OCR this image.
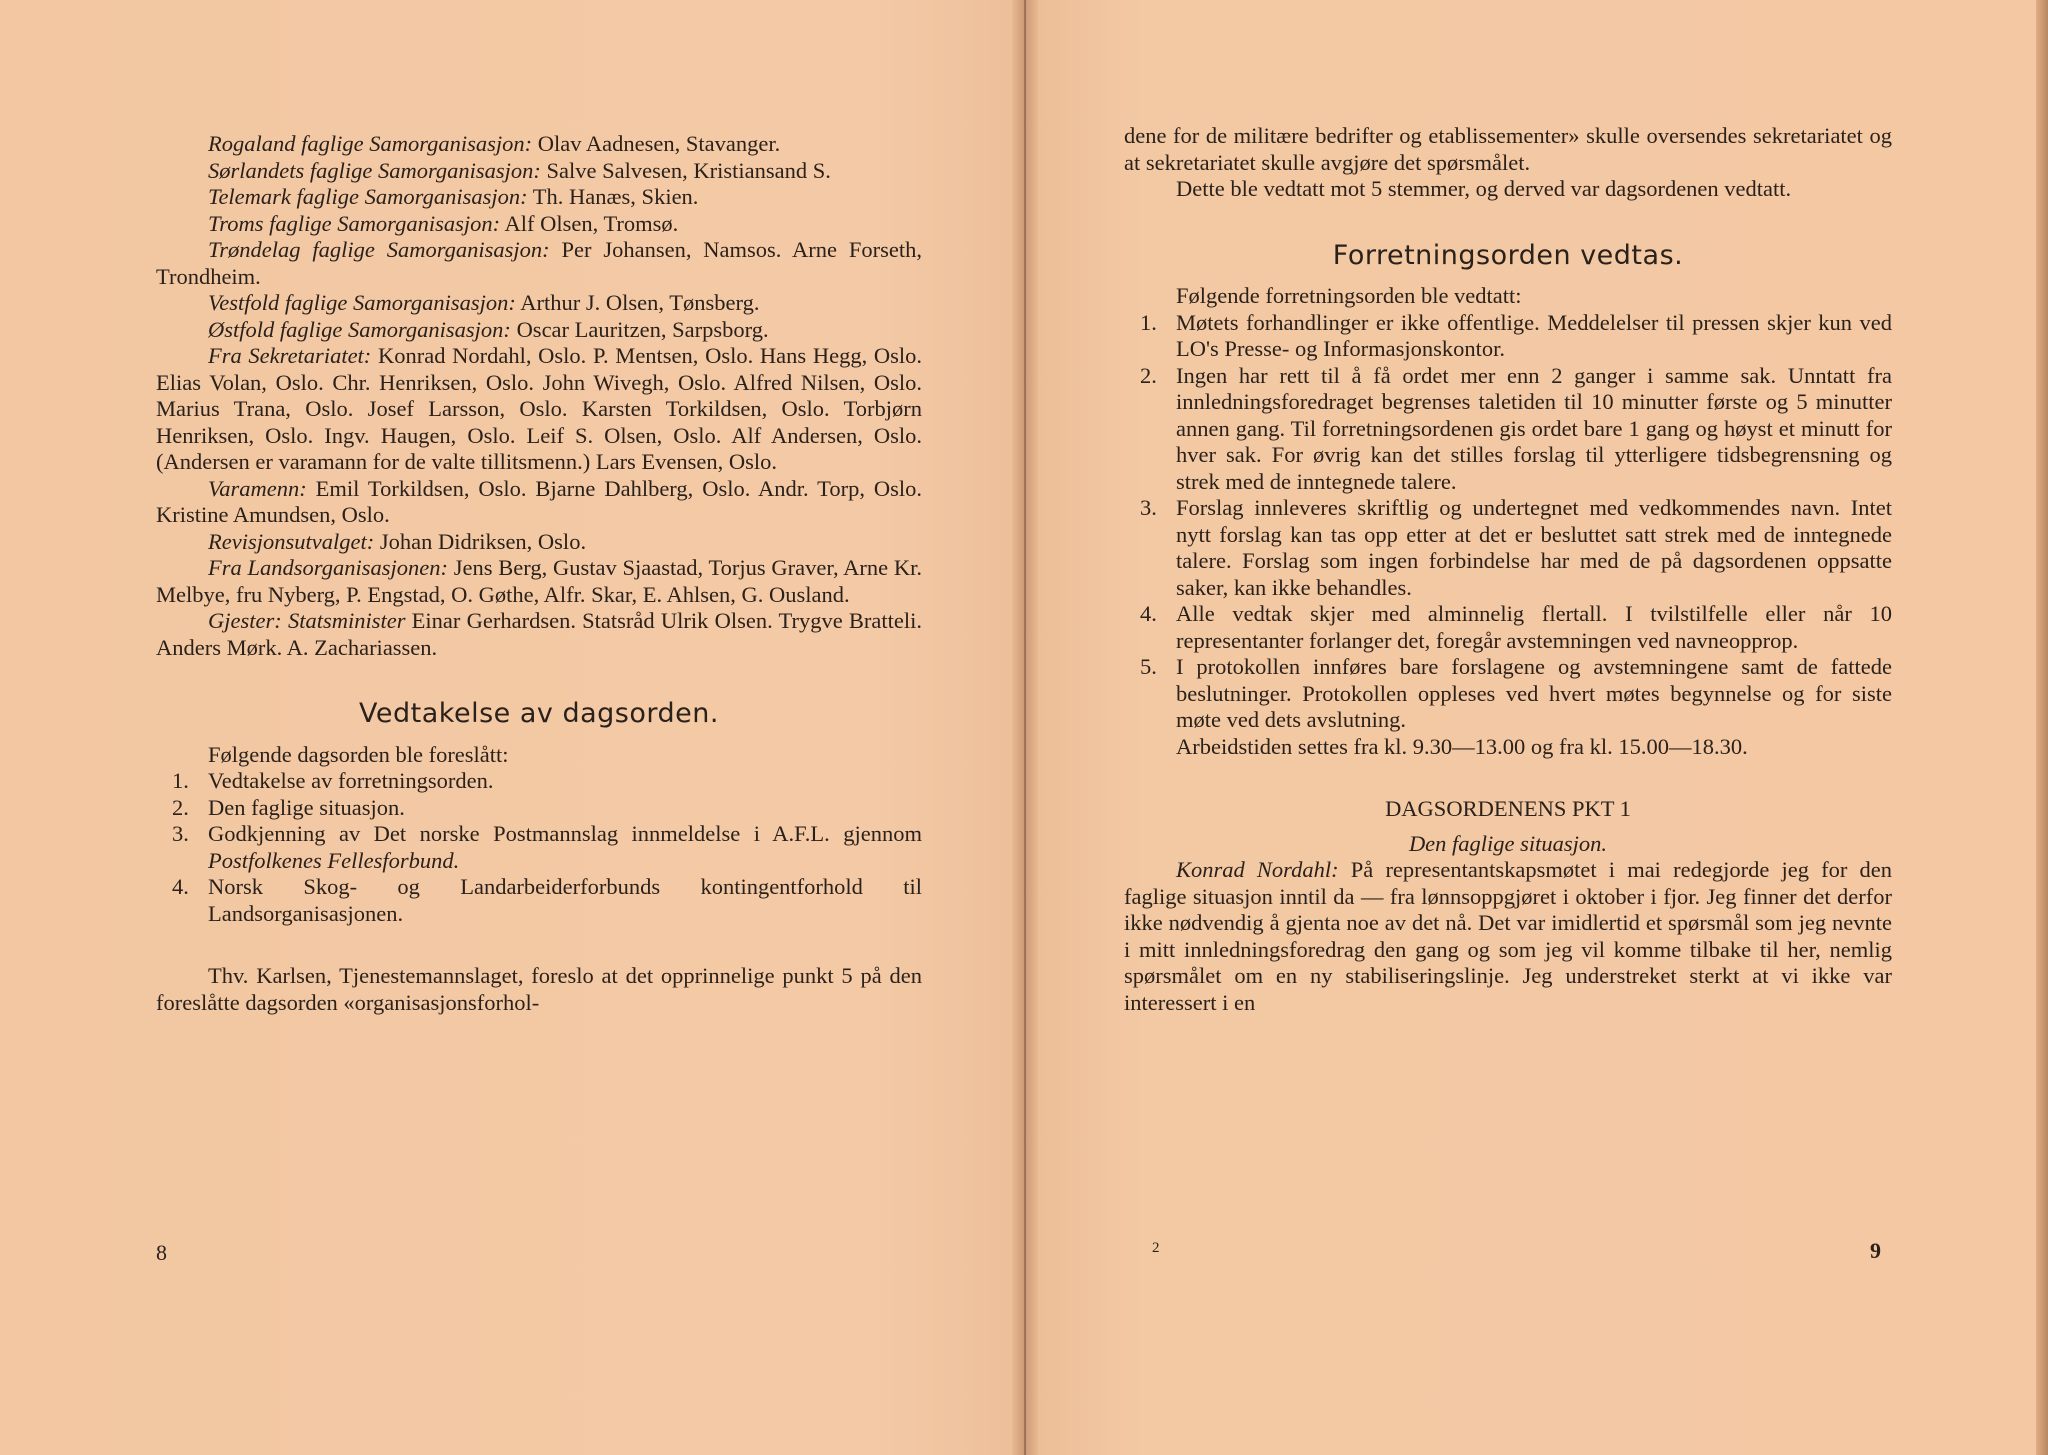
Rogaland faglige Samorganisasjon: Olav Aadnesen, Stavanger.

Sørlandets faglige Samorganisasjon: Salve Salvesen, Kristiansand S.

Telemark faglige Samorganisasjon: Th. Hanæs, Skien.

Troms faglige Samorganisasjon: Alf Olsen, Tromsø.

Trøndelag faglige Samorganisasjon: Per Johansen, Namsos. Arne Forseth, Trondheim.

Vestfold faglige Samorganisasjon: Arthur J. Olsen, Tønsberg.

Østfold faglige Samorganisasjon: Oscar Lauritzen, Sarpsborg.

Fra Sekretariatet: Konrad Nordahl, Oslo. P. Mentsen, Oslo. Hans Hegg, Oslo. Elias Volan, Oslo. Chr. Henriksen, Oslo. John Wivegh, Oslo. Alfred Nilsen, Oslo. Marius Trana, Oslo. Josef Larsson, Oslo. Karsten Torkildsen, Oslo. Torbjørn Henriksen, Oslo. Ingv. Haugen, Oslo. Leif S. Olsen, Oslo. Alf Andersen, Oslo. (Andersen er varamann for de valte tillitsmenn.) Lars Evensen, Oslo.

Varamenn: Emil Torkildsen, Oslo. Bjarne Dahlberg, Oslo. Andr. Torp, Oslo. Kristine Amundsen, Oslo.

Revisjonsutvalget: Johan Didriksen, Oslo.

Fra Landsorganisasjonen: Jens Berg, Gustav Sjaastad, Torjus Graver, Arne Kr. Melbye, fru Nyberg, P. Engstad, O. Gøthe, Alfr. Skar, E. Ahlsen, G. Ousland.

Gjester: Statsminister Einar Gerhardsen. Statsråd Ulrik Olsen. Trygve Bratteli. Anders Mørk. A. Zachariassen.

Vedtakelse av dagsorden.

Følgende dagsorden ble foreslått:

1. Vedtakelse av forretningsorden.
2. Den faglige situasjon.
3. Godkjenning av Det norske Postmannslag innmeldelse i A.F.L. gjennom Postfolkenes Fellesforbund.
4. Norsk Skog- og Landarbeiderforbunds kontingentforhold til Landsorganisasjonen.

Thv. Karlsen, Tjenestemannslaget, foreslo at det opprinnelige punkt 5 på den foreslåtte dagsorden «organisasjonsforhol-

8

dene for de militære bedrifter og etablissementer» skulle oversendes sekretariatet og at sekretariatet skulle avgjøre det spørsmålet.

Dette ble vedtatt mot 5 stemmer, og derved var dagsordenen vedtatt.

Forretningsorden vedtas.

Følgende forretningsorden ble vedtatt:

1. Møtets forhandlinger er ikke offentlige. Meddelelser til pressen skjer kun ved LO's Presse- og Informasjonskontor.
2. Ingen har rett til å få ordet mer enn 2 ganger i samme sak. Unntatt fra innledningsforedraget begrenses taletiden til 10 minutter første og 5 minutter annen gang. Til forretningsordenen gis ordet bare 1 gang og høyst et minutt for hver sak. For øvrig kan det stilles forslag til ytterligere tidsbegrensning og strek med de inntegnede talere.
3. Forslag innleveres skriftlig og undertegnet med vedkommendes navn. Intet nytt forslag kan tas opp etter at det er besluttet satt strek med de inntegnede talere. Forslag som ingen forbindelse har med de på dagsordenen oppsatte saker, kan ikke behandles.
4. Alle vedtak skjer med alminnelig flertall. I tvilstilfelle eller når 10 representanter forlanger det, foregår avstemningen ved navneopprop.
5. I protokollen innføres bare forslagene og avstemningene samt de fattede beslutninger. Protokollen oppleses ved hvert møtes begynnelse og for siste møte ved dets avslutning.

Arbeidstiden settes fra kl. 9.30—13.00 og fra kl. 15.00—18.30.

DAGSORDENENS PKT 1

Den faglige situasjon.

Konrad Nordahl: På representantskapsmøtet i mai redegjorde jeg for den faglige situasjon inntil da — fra lønnsoppgjøret i oktober i fjor. Jeg finner det derfor ikke nødvendig å gjenta noe av det nå. Det var imidlertid et spørsmål som jeg nevnte i mitt innledningsforedrag den gang og som jeg vil komme tilbake til her, nemlig spørsmålet om en ny stabiliseringslinje. Jeg understreket sterkt at vi ikke var interessert i en

2	9
